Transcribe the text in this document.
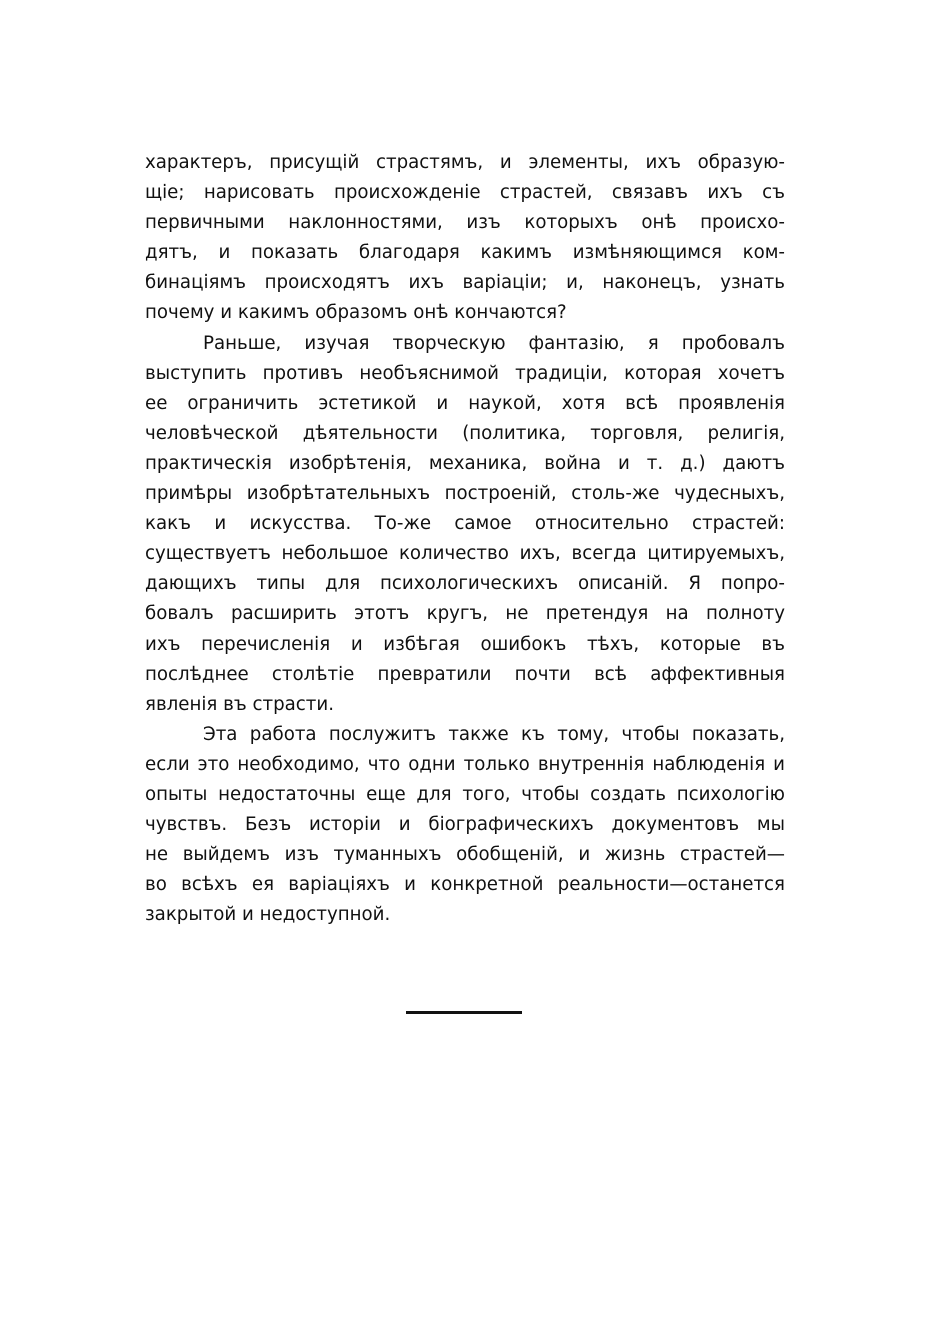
характеръ, присущій страстямъ, и элементы, ихъ образую-
щіе; нарисовать происхожденіе страстей, связавъ ихъ съ
первичными наклонностями, изъ которыхъ онѣ происхо-
дятъ, и показать благодаря какимъ измѣняющимся ком-
бинаціямъ происходятъ ихъ варіаціи; и, наконецъ, узнать
почему и какимъ образомъ онѣ кончаются?
Раньше, изучая творческую фантазію, я пробовалъ
выступить противъ необъяснимой традиціи, которая хочетъ
ее ограничить эстетикой и наукой, хотя всѣ проявленія
человѣческой дѣятельности (политика, торговля, религія,
практическія изобрѣтенія, механика, война и т. д.) даютъ
примѣры изобрѣтательныхъ построеній, столь-же чудесныхъ,
какъ и искусства. То-же самое относительно страстей:
существуетъ небольшое количество ихъ, всегда цитируемыхъ,
дающихъ типы для психологическихъ описаній. Я попро-
бовалъ расширить этотъ кругъ, не претендуя на полноту
ихъ перечисленія и избѣгая ошибокъ тѣхъ, которые въ
послѣднее столѣтіе превратили почти всѣ аффективныя
явленія въ страсти.
Эта работа послужитъ также къ тому, чтобы показать,
если это необходимо, что одни только внутреннія наблюденія и
опыты недостаточны еще для того, чтобы создать психологію
чувствъ. Безъ исторіи и біографическихъ документовъ мы
не выйдемъ изъ туманныхъ обобщеній, и жизнь страстей—
во всѣхъ ея варіаціяхъ и конкретной реальности—останется
закрытой и недоступной.
